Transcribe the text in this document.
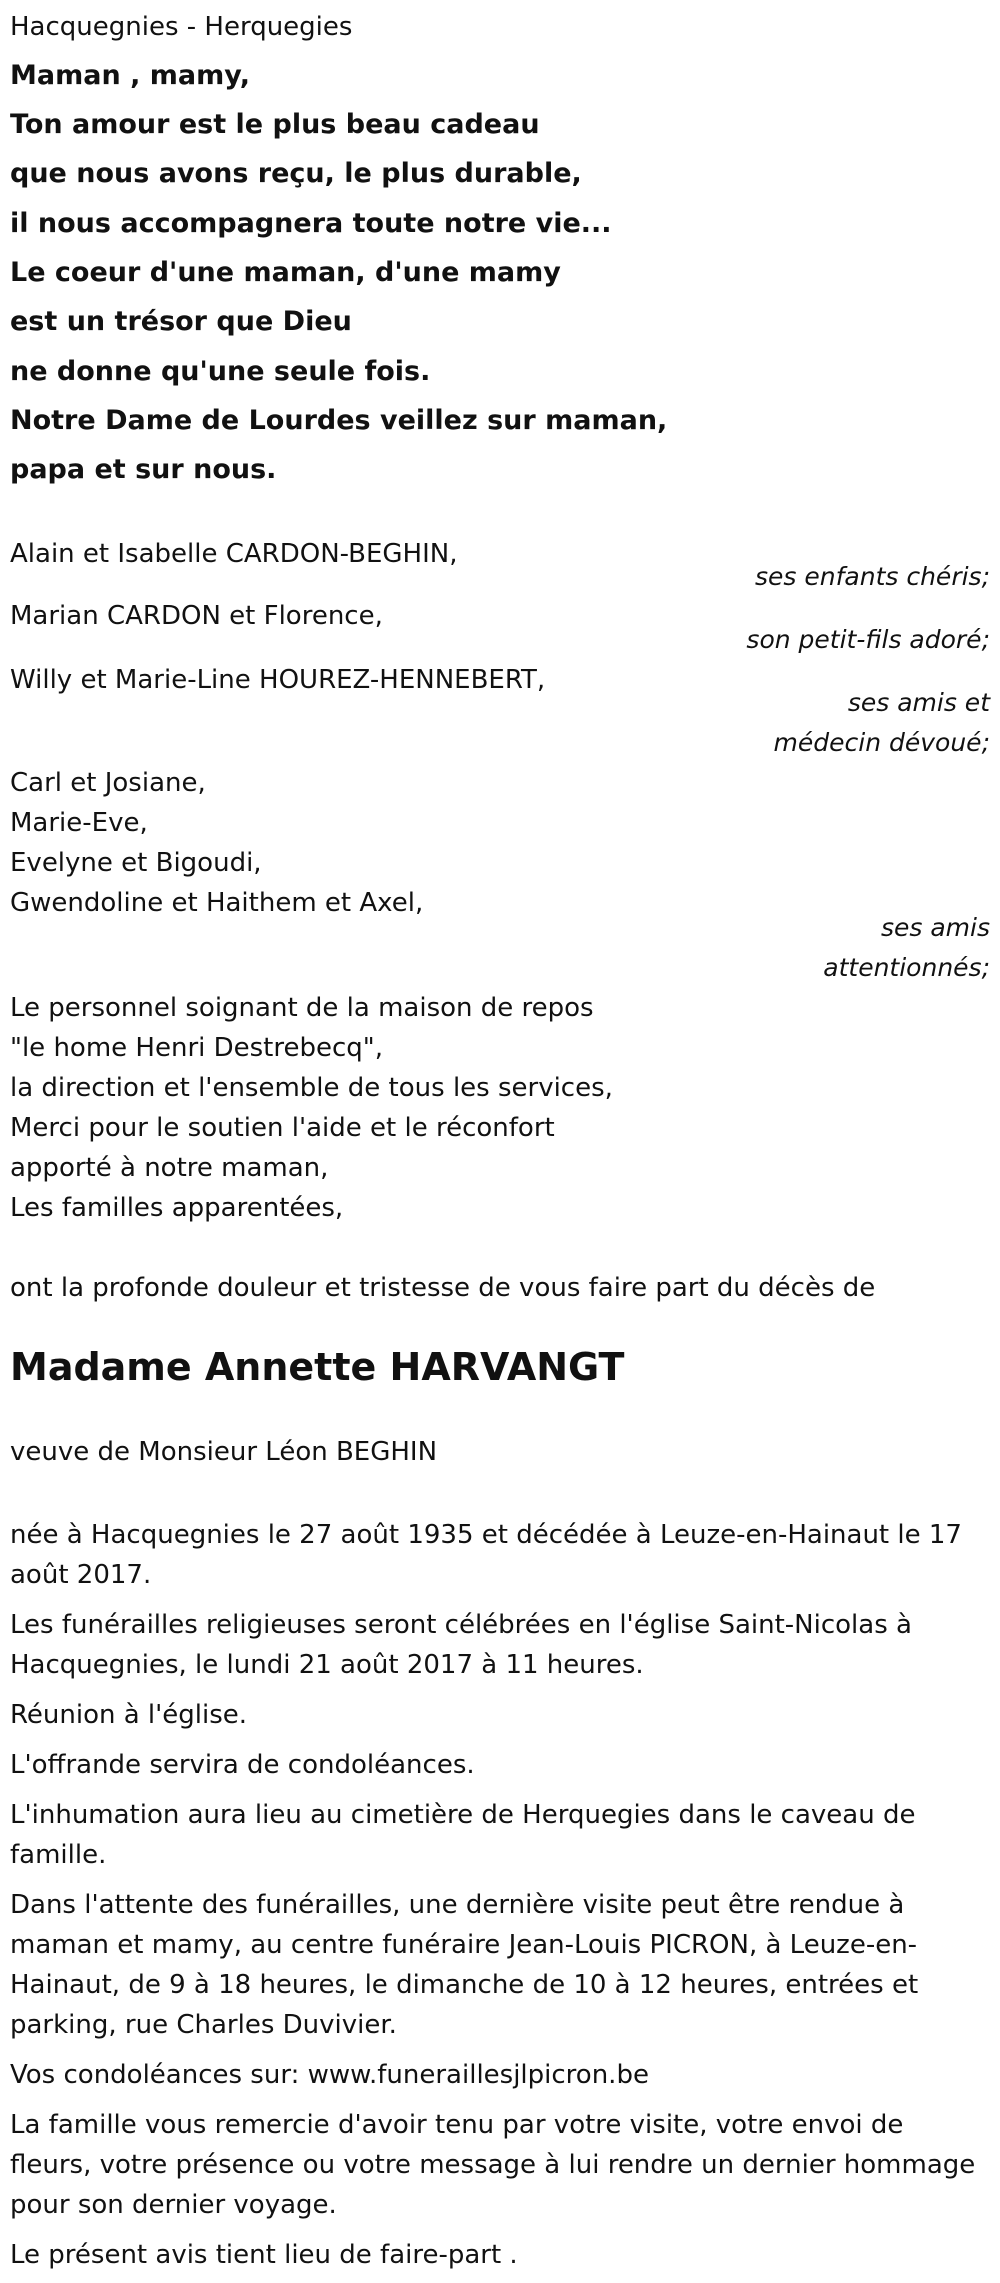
Hacquegnies - Herquegies
Maman , mamy,
Ton amour est le plus beau cadeau
que nous avons reçu, le plus durable,
il nous accompagnera toute notre vie...
Le coeur d'une maman, d'une mamy
est un trésor que Dieu
ne donne qu'une seule fois.
Notre Dame de Lourdes veillez sur maman,
papa et sur nous.
Alain et Isabelle CARDON-BEGHIN,
ses enfants chéris;
Marian CARDON et Florence,
son petit-fils adoré;
Willy et Marie-Line HOUREZ-HENNEBERT,
ses amis et
médecin dévoué;
Carl et Josiane,
Marie-Eve,
Evelyne et Bigoudi,
Gwendoline et Haithem et Axel,
ses amis
attentionnés;
Le personnel soignant de la maison de repos
"le home Henri Destrebecq",
la direction et l'ensemble de tous les services,
Merci pour le soutien l'aide et le réconfort
apporté à notre maman,
Les familles apparentées,
ont la profonde douleur et tristesse de vous faire part du décès de
Madame Annette HARVANGT
veuve de Monsieur Léon BEGHIN
née à Hacquegnies le 27 août 1935 et décédée à Leuze-en-Hainaut le 17 août 2017.
Les funérailles religieuses seront célébrées en l'église Saint-Nicolas à Hacquegnies, le lundi 21 août 2017 à 11 heures.
Réunion à l'église.
L'offrande servira de condoléances.
L'inhumation aura lieu au cimetière de Herquegies dans le caveau de famille.
Dans l'attente des funérailles, une dernière visite peut être rendue à maman et mamy, au centre funéraire Jean-Louis PICRON, à Leuze-en-Hainaut, de 9 à 18 heures, le dimanche de 10 à 12 heures, entrées et parking, rue Charles Duvivier.
Vos condoléances sur: www.funeraillesjlpicron.be
La famille vous remercie d'avoir tenu par votre visite, votre envoi de fleurs, votre présence ou votre message à lui rendre un dernier hommage pour son dernier voyage.
Le présent avis tient lieu de faire-part .
